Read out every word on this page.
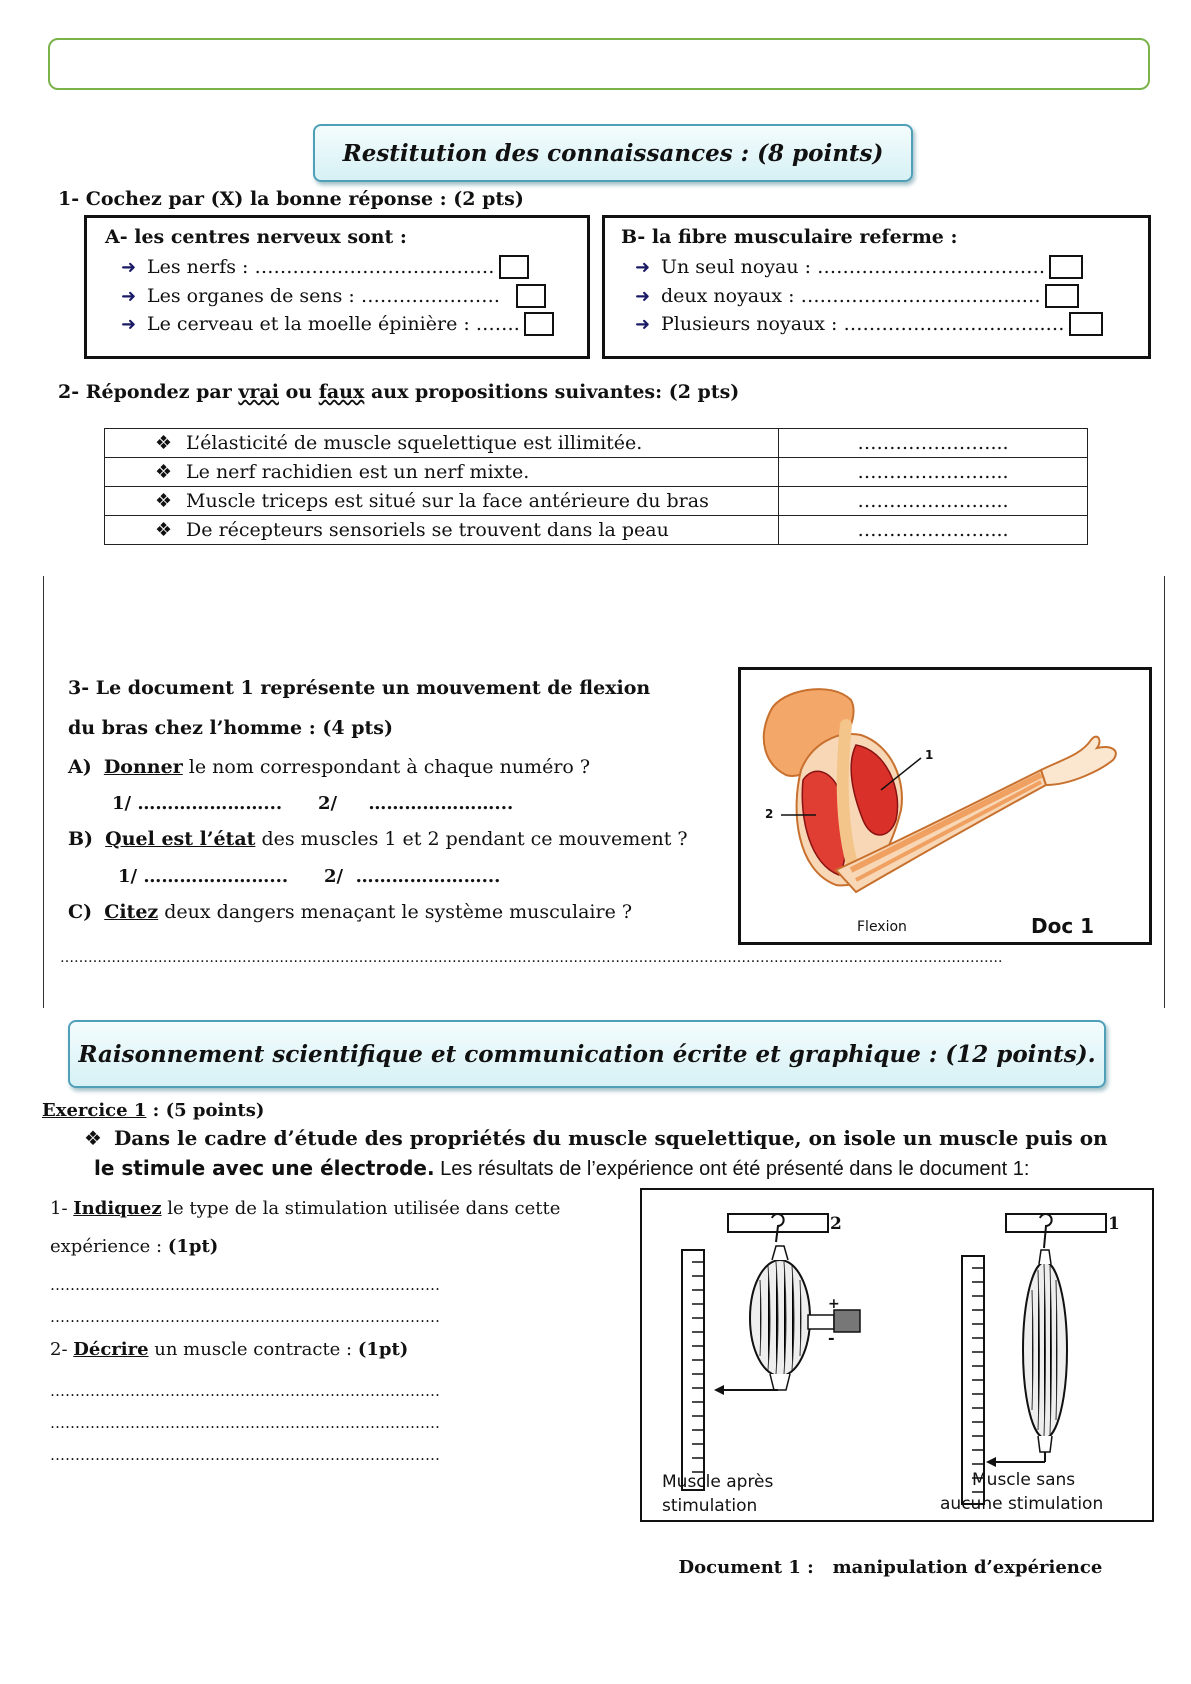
Restitution des connaissances : (8 points)
1- Cochez par (X) la bonne réponse : (2 pts)
A- les centres nerveux sont :
➜ Les nerfs : ………………………..………
➜ Les organes de sens : ………………….
➜ Le cerveau et la moelle épinière : …….
B- la fibre musculaire referme :
➜ Un seul noyau : ………………………………
➜ deux noyaux : ……………………………..…
➜ Plusieurs noyaux : …………………………..…
2- Répondez par vrai ou faux aux propositions suivantes: (2 pts)
❖ L’élasticité de muscle squelettique est illimitée.	…………………...
❖ Le nerf rachidien est un nerf mixte.	…………………...
❖ Muscle triceps est situé sur la face antérieure du bras	…………………...
❖ De récepteurs sensoriels se trouvent dans la peau	…………………...
3- Le document 1 représente un mouvement de flexion
du bras chez l’homme : (4 pts)
A) Donner le nom correspondant à chaque numéro ?
1/ …………………... 2/     …………………...
B) Quel est l’état des muscles 1 et 2 pendant ce mouvement ?
1/ …………………... 2/  …………………...
C) Citez deux dangers menaçant le système musculaire ?
………………………………………………………………………………………………………………………………………………………………………………….
1
2
Flexion	Doc 1
Raisonnement scientifique et communication écrite et graphique : (12 points).
Exercice 1 : (5 points)
❖ Dans le cadre d’étude des propriétés du muscle squelettique, on isole un muscle puis on
le stimule avec une électrode. Les résultats de l’expérience ont été présenté dans le document 1:
1- Indiquez le type de la stimulation utilisée dans cette
expérience : (1pt)
……………………………………………………………………
……………………………………………………………………
2- Décrire un muscle contracte : (1pt)
……………………………………………………………………
……………………………………………………………………
……………………………………………………………………
2	1
+
-
Muscle après
stimulation
Muscle sans
aucune stimulation

Document 1 : manipulation d’expérience
